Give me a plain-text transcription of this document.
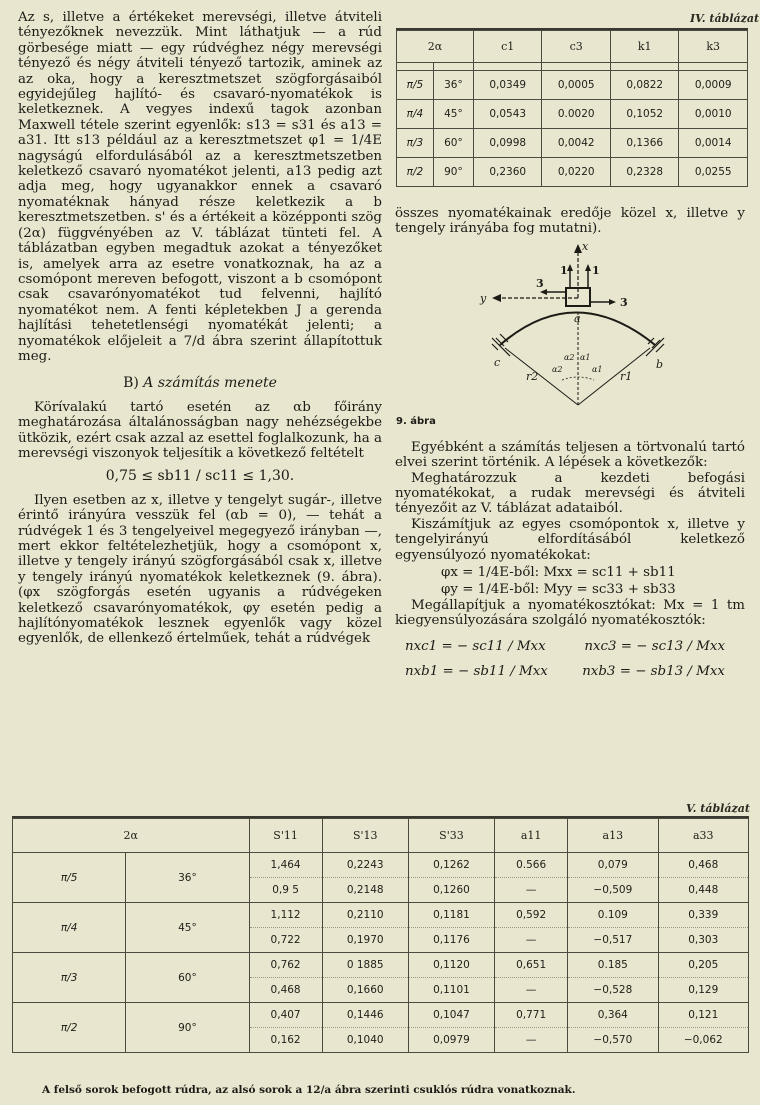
Az s, illetve a értékeket merevségi, illetve átviteli tényezőknek nevezzük. Mint láthatjuk — a rúd görbesége miatt — egy rúdvéghez négy merevségi tényező és négy átviteli tényező tartozik, aminek az az oka, hogy a keresztmetszet szögforgásaiból egyidejűleg hajlító- és csavaró-nyomatékok is keletkeznek. A vegyes indexű tagok azonban Maxwell tétele szerint egyenlők: s13 = s31 és a13 = a31. Itt s13 például az a keresztmetszet φ1 = 1/4E nagyságú elfordulásából az a keresztmetszetben keletkező csavaró nyomatékot jelenti, a13 pedig azt adja meg, hogy ugyanakkor ennek a csavaró nyomatéknak hányad része keletkezik a b keresztmetszetben. s' és a értékeit a középponti szög (2α) függvényében az V. táblázat tünteti fel. A táblázatban egyben megadtuk azokat a tényezőket is, amelyek arra az esetre vonatkoznak, ha az a csomópont mereven befogott, viszont a b csomópont csak csavarónyomatékot tud felvenni, hajlító nyomatékot nem. A fenti képletekben J a gerenda hajlítási tehetetlenségi nyomatékát jelenti; a nyomatékok előjeleit a 7/d ábra szerint állapítottuk meg.

B) A számítás menete

Körívalakú tartó esetén az αb főirány meghatározása általánosságban nagy nehézségekbe ütközik, ezért csak azzal az esettel foglalkozunk, ha a merevségi viszonyok teljesítik a következő feltételt

0,75 ≤ sb11 / sc11 ≤ 1,30.

Ilyen esetben az x, illetve y tengelyt sugár-, illetve érintő irányúra vesszük fel (αb = 0), — tehát a rúdvégek 1 és 3 tengelyeivel megegyező irányban —, mert ekkor feltételezhetjük, hogy a csomópont x, illetve y tengely irányú szögforgásából csak x, illetve y tengely irányú nyomatékok keletkeznek (9. ábra). (φx szögforgás esetén ugyanis a rúdvégeken keletkező csavarónyomatékok, φy esetén pedig a hajlítónyomatékok lesznek egyenlők vagy közel egyenlők, de ellenkező értelműek, tehát a rúdvégek

IV. táblázat
2α		c1	c3	k1	k3

π/5	36°	0,0349	0,0005	0,0822	0,0009
π/4	45°	0,0543	0.0020	0,1052	0,0010
π/3	60°	0,0998	0,0042	0,1366	0,0014
π/2	90°	0,2360	0,0220	0,2328	0,0255

összes nyomatékainak eredője közel x, illetve y tengely irányába fog mutatni).

Egyébként a számítás teljesen a törtvonalú tartó elvei szerint történik. A lépések a következők:

Meghatározzuk a kezdeti befogási nyomatékokat, a rudak merevségi és átviteli tényezőit az V. táblázat adataiból.

Kiszámítjuk az egyes csomópontok x, illetve y tengelyirányú elfordításából keletkező egyensúlyozó nyomatékokat:

φx = 1/4E-ből: Mxx = sc11 + sb11

φy = 1/4E-ből: Myy = sc33 + sb33

Megállapítjuk a nyomatékosztókat: Mx = 1 tm kiegyensúlyozására szolgáló nyomatékosztók:

nxc1 = − sc11 / Mxx	nxc3 = − sc13 / Mxx
nxb1 = − sb11 / Mxx	nxb3 = − sb13 / Mxx
x
y
1 1
3
3
a
b
c
r1
r2
α1
α1
α2
α2
9. ábra
V. táblázat
2α		S'11	S'13	S'33	a11	a13	a33
π/5	36°	1,464	0,2243	0,1262	0.566	0,079	0,468
		0,9 5	0,2148	0,1260	—	−0,509	0,448
π/4	45°	1,112	0,2110	0,1181	0,592	0.109	0,339
		0,722	0,1970	0,1176	—	−0,517	0,303
π/3	60°	0,762	0 1885	0,1120	0,651	0.185	0,205
		0,468	0,1660	0,1101	—	−0,528	0,129
π/2	90°	0,407	0,1446	0,1047	0,771	0,364	0,121
		0,162	0,1040	0,0979	—	−0,570	−0,062
A felső sorok befogott rúdra, az alsó sorok a 12/a ábra szerinti csuklós rúdra vonatkoznak.
